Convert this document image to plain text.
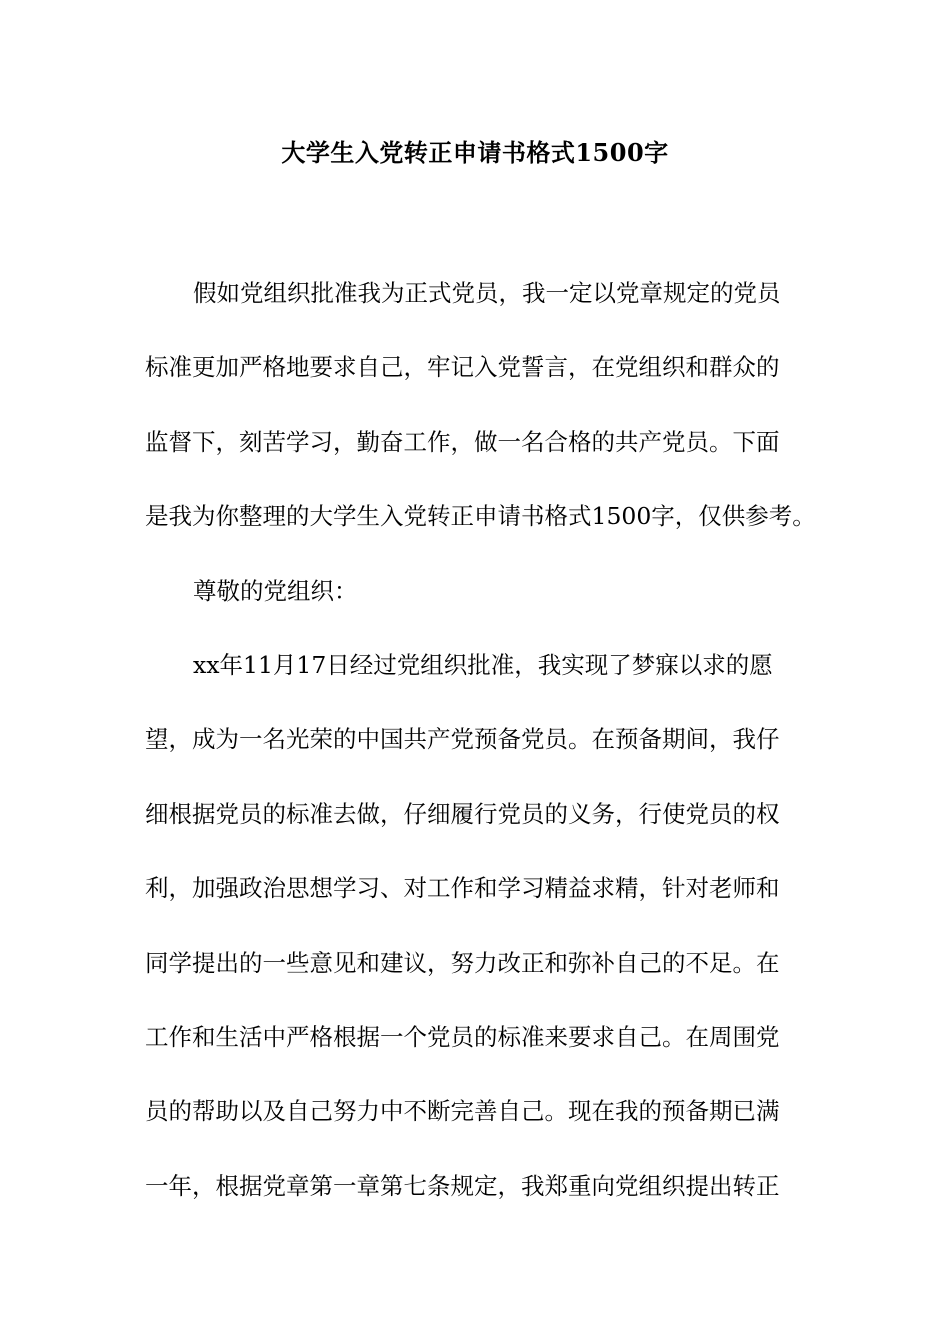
大学生入党转正申请书格式1500字
假如党组织批准我为正式党员，我一定以党章规定的党员
标准更加严格地要求自己，牢记入党誓言，在党组织和群众的
监督下，刻苦学习，勤奋工作，做一名合格的共产党员。下面
是我为你整理的大学生入党转正申请书格式1500字，仅供参考。
尊敬的党组织：
xx年11月17日经过党组织批准，我实现了梦寐以求的愿
望，成为一名光荣的中国共产党预备党员。在预备期间，我仔
细根据党员的标准去做，仔细履行党员的义务，行使党员的权
利，加强政治思想学习、对工作和学习精益求精，针对老师和
同学提出的一些意见和建议，努力改正和弥补自己的不足。在
工作和生活中严格根据一个党员的标准来要求自己。在周围党
员的帮助以及自己努力中不断完善自己。现在我的预备期已满
一年，根据党章第一章第七条规定，我郑重向党组织提出转正
